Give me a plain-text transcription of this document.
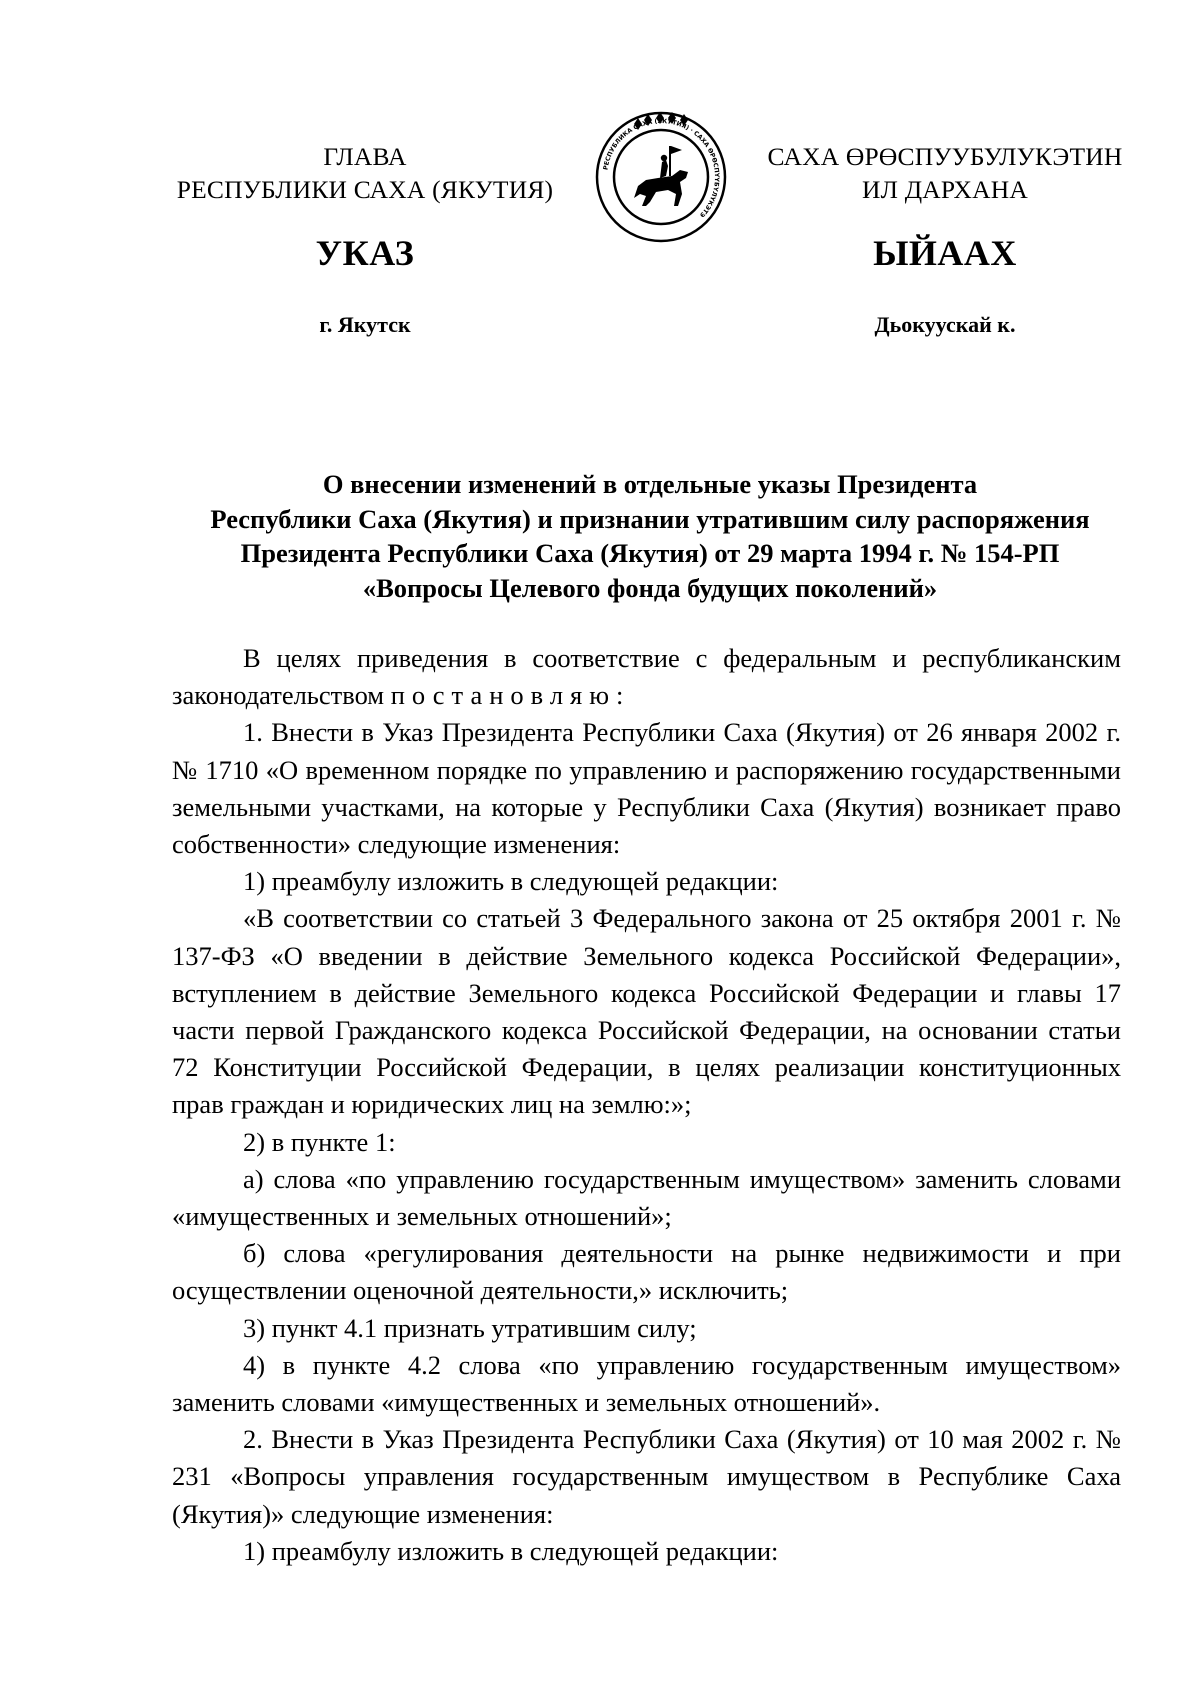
ГЛАВА
РЕСПУБЛИКИ САХА (ЯКУТИЯ)
РЕСПУБЛИКА САХА (ЯКУТИЯ) · САХА ӨРӨСПҮҮБҮЛҮКЭТЭ
САХА ӨРӨСПУУБУЛУКЭТИН
ИЛ ДАРХАНА
УКАЗ	ЫЙААХ
г. Якутск	Дьокуускай к.
О внесении изменений в отдельные указы Президента
Республики Саха (Якутия) и признании утратившим силу распоряжения
Президента Республики Саха (Якутия) от 29 марта 1994 г. № 154-РП
«Вопросы Целевого фонда будущих поколений»

В целях приведения в соответствие с федеральным и республиканским законодательством постановляю:

1. Внести в Указ Президента Республики Саха (Якутия) от 26 января 2002 г. № 1710 «О временном порядке по управлению и распоряжению государственными земельными участками, на которые у Республики Саха (Якутия) возникает право собственности» следующие изменения:

1) преамбулу изложить в следующей редакции:

«В соответствии со статьей 3 Федерального закона от 25 октября 2001 г. № 137-ФЗ «О введении в действие Земельного кодекса Российской Федерации», вступлением в действие Земельного кодекса Российской Федерации и главы 17 части первой Гражданского кодекса Российской Федерации, на основании статьи 72 Конституции Российской Федерации, в целях реализации конституционных прав граждан и юридических лиц на землю:»;

2) в пункте 1:

а) слова «по управлению государственным имуществом» заменить словами «имущественных и земельных отношений»;

б) слова «регулирования деятельности на рынке недвижимости и при осуществлении оценочной деятельности,» исключить;

3) пункт 4.1 признать утратившим силу;

4) в пункте 4.2 слова «по управлению государственным имуществом» заменить словами «имущественных и земельных отношений».

2. Внести в Указ Президента Республики Саха (Якутия) от 10 мая 2002 г. № 231 «Вопросы управления государственным имуществом в Республике Саха (Якутия)» следующие изменения:

1) преамбулу изложить в следующей редакции:
